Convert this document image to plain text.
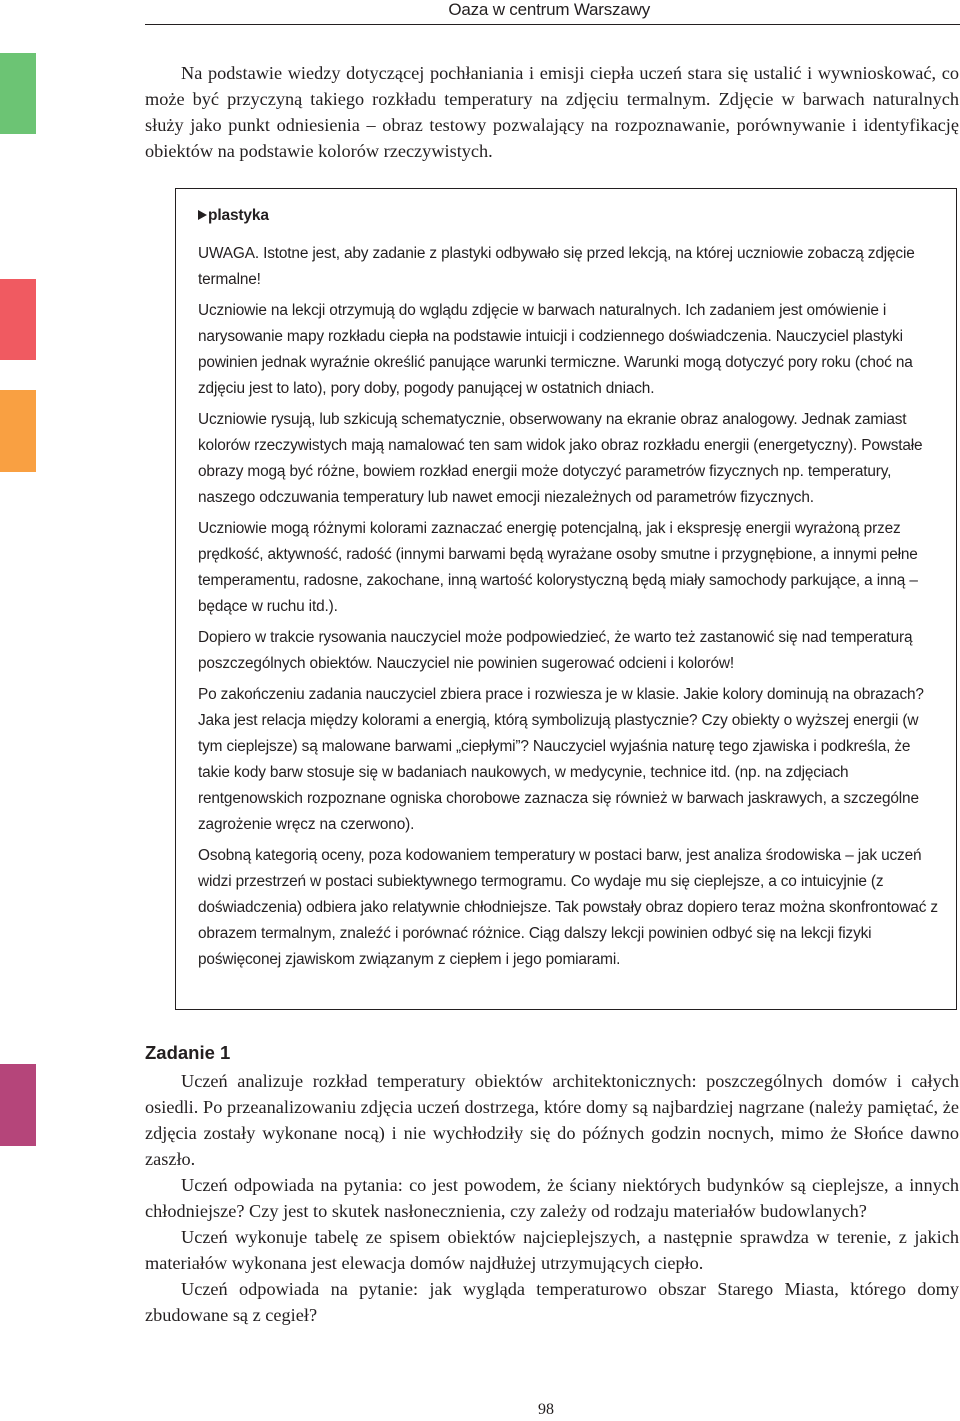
Oaza w centrum Warszawy

Na podstawie wiedzy dotyczącej pochłaniania i emisji ciepła uczeń stara się ustalić i wywnioskować, co może być przyczyną takiego rozkładu temperatury na zdjęciu termalnym. Zdjęcie w barwach naturalnych służy jako punkt odniesienia – obraz testowy pozwalający na rozpoznawanie, porównywanie i identyfikację obiektów na podstawie kolorów rzeczywistych.

plastyka

UWAGA. Istotne jest, aby zadanie z plastyki odbywało się przed lekcją, na której uczniowie zobaczą zdjęcie termalne!

Uczniowie na lekcji otrzymują do wglądu zdjęcie w barwach naturalnych. Ich zadaniem jest omówienie i narysowanie mapy rozkładu ciepła na podstawie intuicji i codziennego doświadczenia. Nauczyciel plastyki powinien jednak wyraźnie określić panujące warunki termiczne. Warunki mogą dotyczyć pory roku (choć na zdjęciu jest to lato), pory doby, pogody panującej w ostatnich dniach.

Uczniowie rysują, lub szkicują schematycznie, obserwowany na ekranie obraz analogowy. Jednak zamiast kolorów rzeczywistych mają namalować ten sam widok jako obraz rozkładu energii (energetyczny). Powstałe obrazy mogą być różne, bowiem rozkład energii może dotyczyć parametrów fizycznych np. temperatury, naszego odczuwania temperatury lub nawet emocji niezależnych od parametrów fizycznych.

Uczniowie mogą różnymi kolorami zaznaczać energię potencjalną, jak i ekspresję energii wyrażoną przez prędkość, aktywność, radość (innymi barwami będą wyrażane osoby smutne i przygnębione, a innymi pełne temperamentu, radosne, zakochane, inną wartość kolorystyczną będą miały samochody parkujące, a inną – będące w ruchu itd.).

Dopiero w trakcie rysowania nauczyciel może podpowiedzieć, że warto też zastanowić się nad temperaturą poszczególnych obiektów. Nauczyciel nie powinien sugerować odcieni i kolorów!

Po zakończeniu zadania nauczyciel zbiera prace i rozwiesza je w klasie. Jakie kolory dominują na obrazach? Jaka jest relacja między kolorami a energią, którą symbolizują plastycznie? Czy obiekty o wyższej energii (w tym cieplejsze) są malowane barwami „ciepłymi”? Nauczyciel wyjaśnia naturę tego zjawiska i podkreśla, że takie kody barw stosuje się w badaniach naukowych, w medycynie, technice itd. (np. na zdjęciach rentgenowskich rozpoznane ogniska chorobowe zaznacza się również w barwach jaskrawych, a szczególne zagrożenie wręcz na czerwono).

Osobną kategorią oceny, poza kodowaniem temperatury w postaci barw, jest analiza środowiska – jak uczeń widzi przestrzeń w postaci subiektywnego termogramu. Co wydaje mu się cieplejsze, a co intuicyjnie (z doświadczenia) odbiera jako relatywnie chłodniejsze. Tak powstały obraz dopiero teraz można skonfrontować z obrazem termalnym, znaleźć i porównać różnice. Ciąg dalszy lekcji powinien odbyć się na lekcji fizyki poświęconej zjawiskom związanym z ciepłem i jego pomiarami.

Zadanie 1

Uczeń analizuje rozkład temperatury obiektów architektonicznych: poszczególnych domów i całych osiedli. Po przeanalizowaniu zdjęcia uczeń dostrzega, które domy są najbardziej nagrzane (należy pamiętać, że zdjęcia zostały wykonane nocą) i nie wychłodziły się do późnych godzin nocnych, mimo że Słońce dawno zaszło.

Uczeń odpowiada na pytania: co jest powodem, że ściany niektórych budynków są cieplejsze, a innych chłodniejsze? Czy jest to skutek nasłonecznienia, czy zależy od rodzaju materiałów budowlanych?

Uczeń wykonuje tabelę ze spisem obiektów najcieplejszych, a następnie sprawdza w terenie, z jakich materiałów wykonana jest elewacja domów najdłużej utrzymujących ciepło.

Uczeń odpowiada na pytanie: jak wygląda temperaturowo obszar Starego Miasta, którego domy zbudowane są z cegieł?

98
